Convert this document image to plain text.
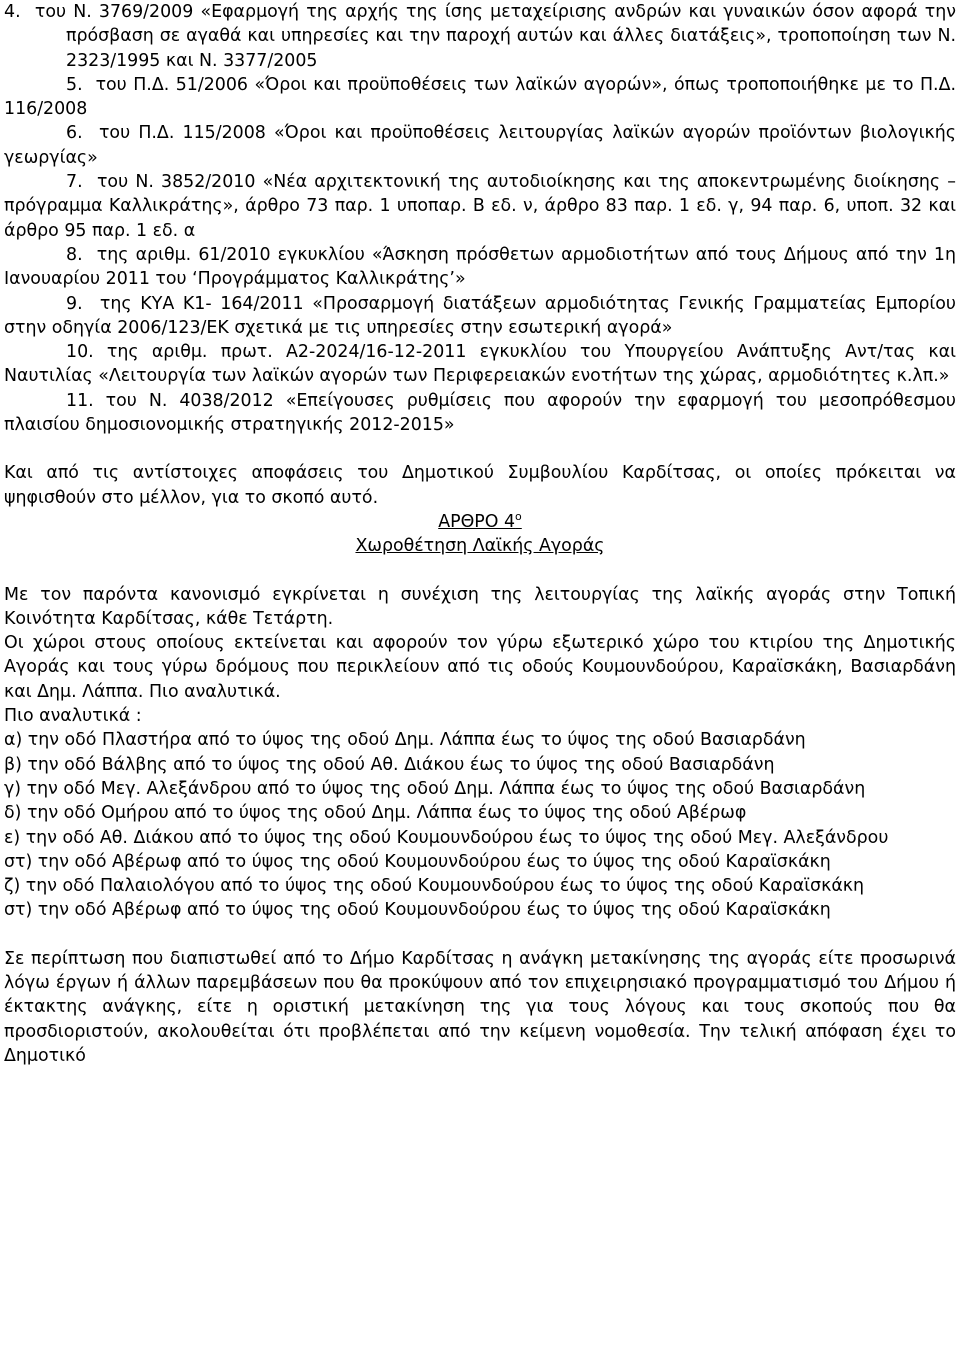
4.  του Ν. 3769/2009 «Εφαρμογή της αρχής της ίσης μεταχείρισης ανδρών και γυναικών όσον αφορά την πρόσβαση σε αγαθά και υπηρεσίες και την παροχή αυτών και άλλες διατάξεις», τροποποίηση των Ν. 2323/1995 και Ν. 3377/2005

5.  του Π.Δ. 51/2006 «Όροι και προϋποθέσεις των λαϊκών αγορών», όπως τροποποιήθηκε με το Π.Δ. 116/2008

6.  του Π.Δ. 115/2008 «Όροι και προϋποθέσεις λειτουργίας λαϊκών αγορών προϊόντων βιολογικής γεωργίας»

7.  του Ν. 3852/2010 «Νέα αρχιτεκτονική της αυτοδιοίκησης και της αποκεντρωμένης διοίκησης – πρόγραμμα Καλλικράτης», άρθρο 73 παρ. 1 υποπαρ. Β εδ. ν, άρθρο 83 παρ. 1 εδ. γ, 94 παρ. 6, υποπ. 32 και άρθρο 95 παρ. 1 εδ. α

8.  της αριθμ. 61/2010 εγκυκλίου «Άσκηση πρόσθετων αρμοδιοτήτων από τους Δήμους από την 1η Ιανουαρίου 2011 του ‘Προγράμματος Καλλικράτης’»

9.  της ΚΥΑ Κ1- 164/2011 «Προσαρμογή διατάξεων αρμοδιότητας Γενικής Γραμματείας Εμπορίου στην οδηγία 2006/123/ΕΚ σχετικά με τις υπηρεσίες στην εσωτερική αγορά»

10. της αριθμ. πρωτ. Α2-2024/16-12-2011 εγκυκλίου του Υπουργείου Ανάπτυξης Αντ/τας και Ναυτιλίας «Λειτουργία των λαϊκών αγορών των Περιφερειακών ενοτήτων της χώρας, αρμοδιότητες κ.λπ.»

11. του Ν. 4038/2012 «Επείγουσες ρυθμίσεις που αφορούν την εφαρμογή του μεσοπρόθεσμου πλαισίου δημοσιονομικής στρατηγικής 2012-2015»

Και από τις αντίστοιχες αποφάσεις του Δημοτικού Συμβουλίου Καρδίτσας, οι οποίες πρόκειται να ψηφισθούν στο μέλλον, για το σκοπό αυτό.

ΑΡΘΡΟ $4^o$

Χωροθέτηση Λαϊκής Αγοράς

Με τον παρόντα κανονισμό εγκρίνεται η συνέχιση της λειτουργίας της λαϊκής αγοράς στην Τοπική Κοινότητα Καρδίτσας, κάθε Τετάρτη.

Οι χώροι στους οποίους εκτείνεται και αφορούν τον γύρω εξωτερικό χώρο του κτιρίου της Δημοτικής Αγοράς και τους γύρω δρόμους που περικλείουν από τις οδούς Κουμουνδούρου, Καραϊσκάκη, Βασιαρδάνη και Δημ. Λάππα. Πιο αναλυτικά.

Πιο αναλυτικά :

α) την οδό Πλαστήρα από το ύψος της οδού Δημ. Λάππα έως το ύψος της οδού Βασιαρδάνη

β) την οδό Βάλβης από το ύψος της οδού Αθ. Διάκου έως το ύψος της οδού Βασιαρδάνη

γ) την οδό Μεγ. Αλεξάνδρου από το ύψος της οδού Δημ. Λάππα έως το ύψος της οδού Βασιαρδάνη

δ) την οδό Ομήρου από το ύψος της οδού Δημ. Λάππα έως το ύψος της οδού Αβέρωφ

ε) την οδό Αθ. Διάκου από το ύψος της οδού Κουμουνδούρου έως το ύψος της οδού Μεγ. Αλεξάνδρου

στ) την οδό Αβέρωφ από το ύψος της οδού Κουμουνδούρου έως το ύψος της οδού Καραϊσκάκη

ζ) την οδό Παλαιολόγου από το ύψος της οδού Κουμουνδούρου έως το ύψος της οδού Καραϊσκάκη

στ) την οδό Αβέρωφ από το ύψος της οδού Κουμουνδούρου έως το ύψος της οδού Καραϊσκάκη

Σε περίπτωση που διαπιστωθεί από το Δήμο Καρδίτσας η ανάγκη μετακίνησης της αγοράς είτε προσωρινά λόγω έργων ή άλλων παρεμβάσεων που θα προκύψουν από τον επιχειρησιακό προγραμματισμό του Δήμου ή έκτακτης ανάγκης, είτε η οριστική μετακίνηση της για τους λόγους και τους σκοπούς που θα προσδιοριστούν, ακολουθείται ότι προβλέπεται από την κείμενη νομοθεσία. Την τελική απόφαση έχει το Δημοτικό
